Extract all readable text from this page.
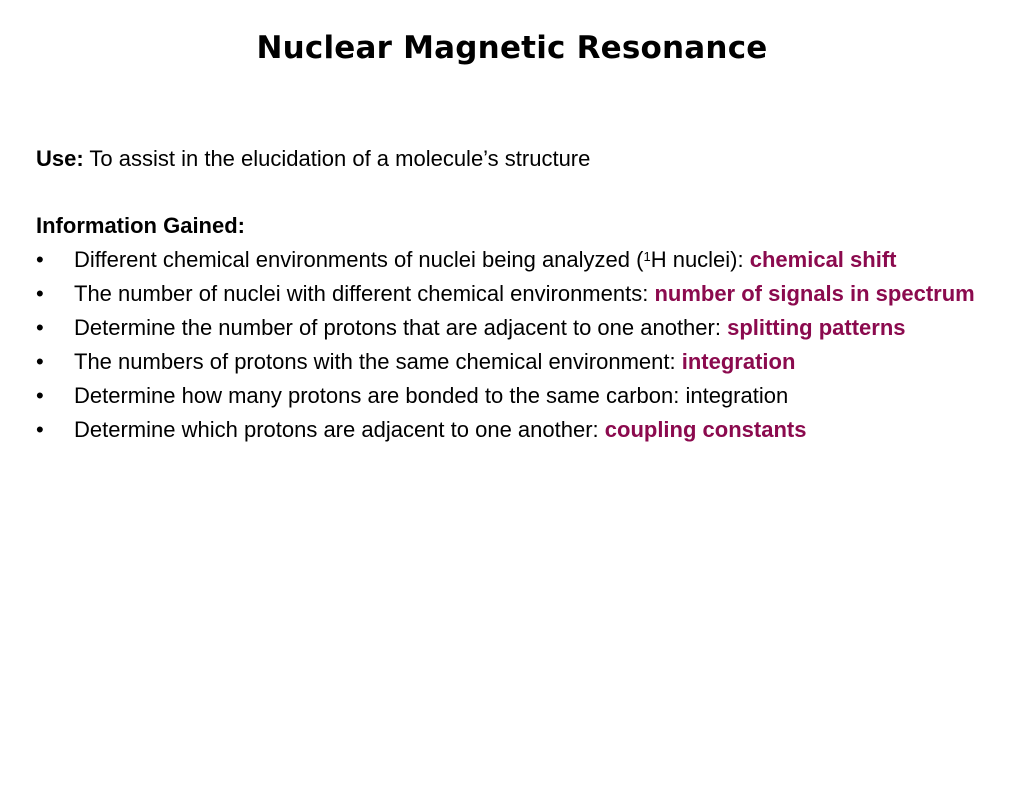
Nuclear Magnetic Resonance
Use: To assist in the elucidation of a molecule’s structure
Information Gained:
•	Different chemical environments of nuclei being analyzed ($^1$H nuclei): chemical shift
•	The number of nuclei with different chemical environments: number of signals in spectrum
•	Determine the number of protons that are adjacent to one another: splitting patterns
•	The numbers of protons with the same chemical environment: integration
•	Determine how many protons are bonded to the same carbon: integration
•	Determine which protons are adjacent to one another: coupling constants
